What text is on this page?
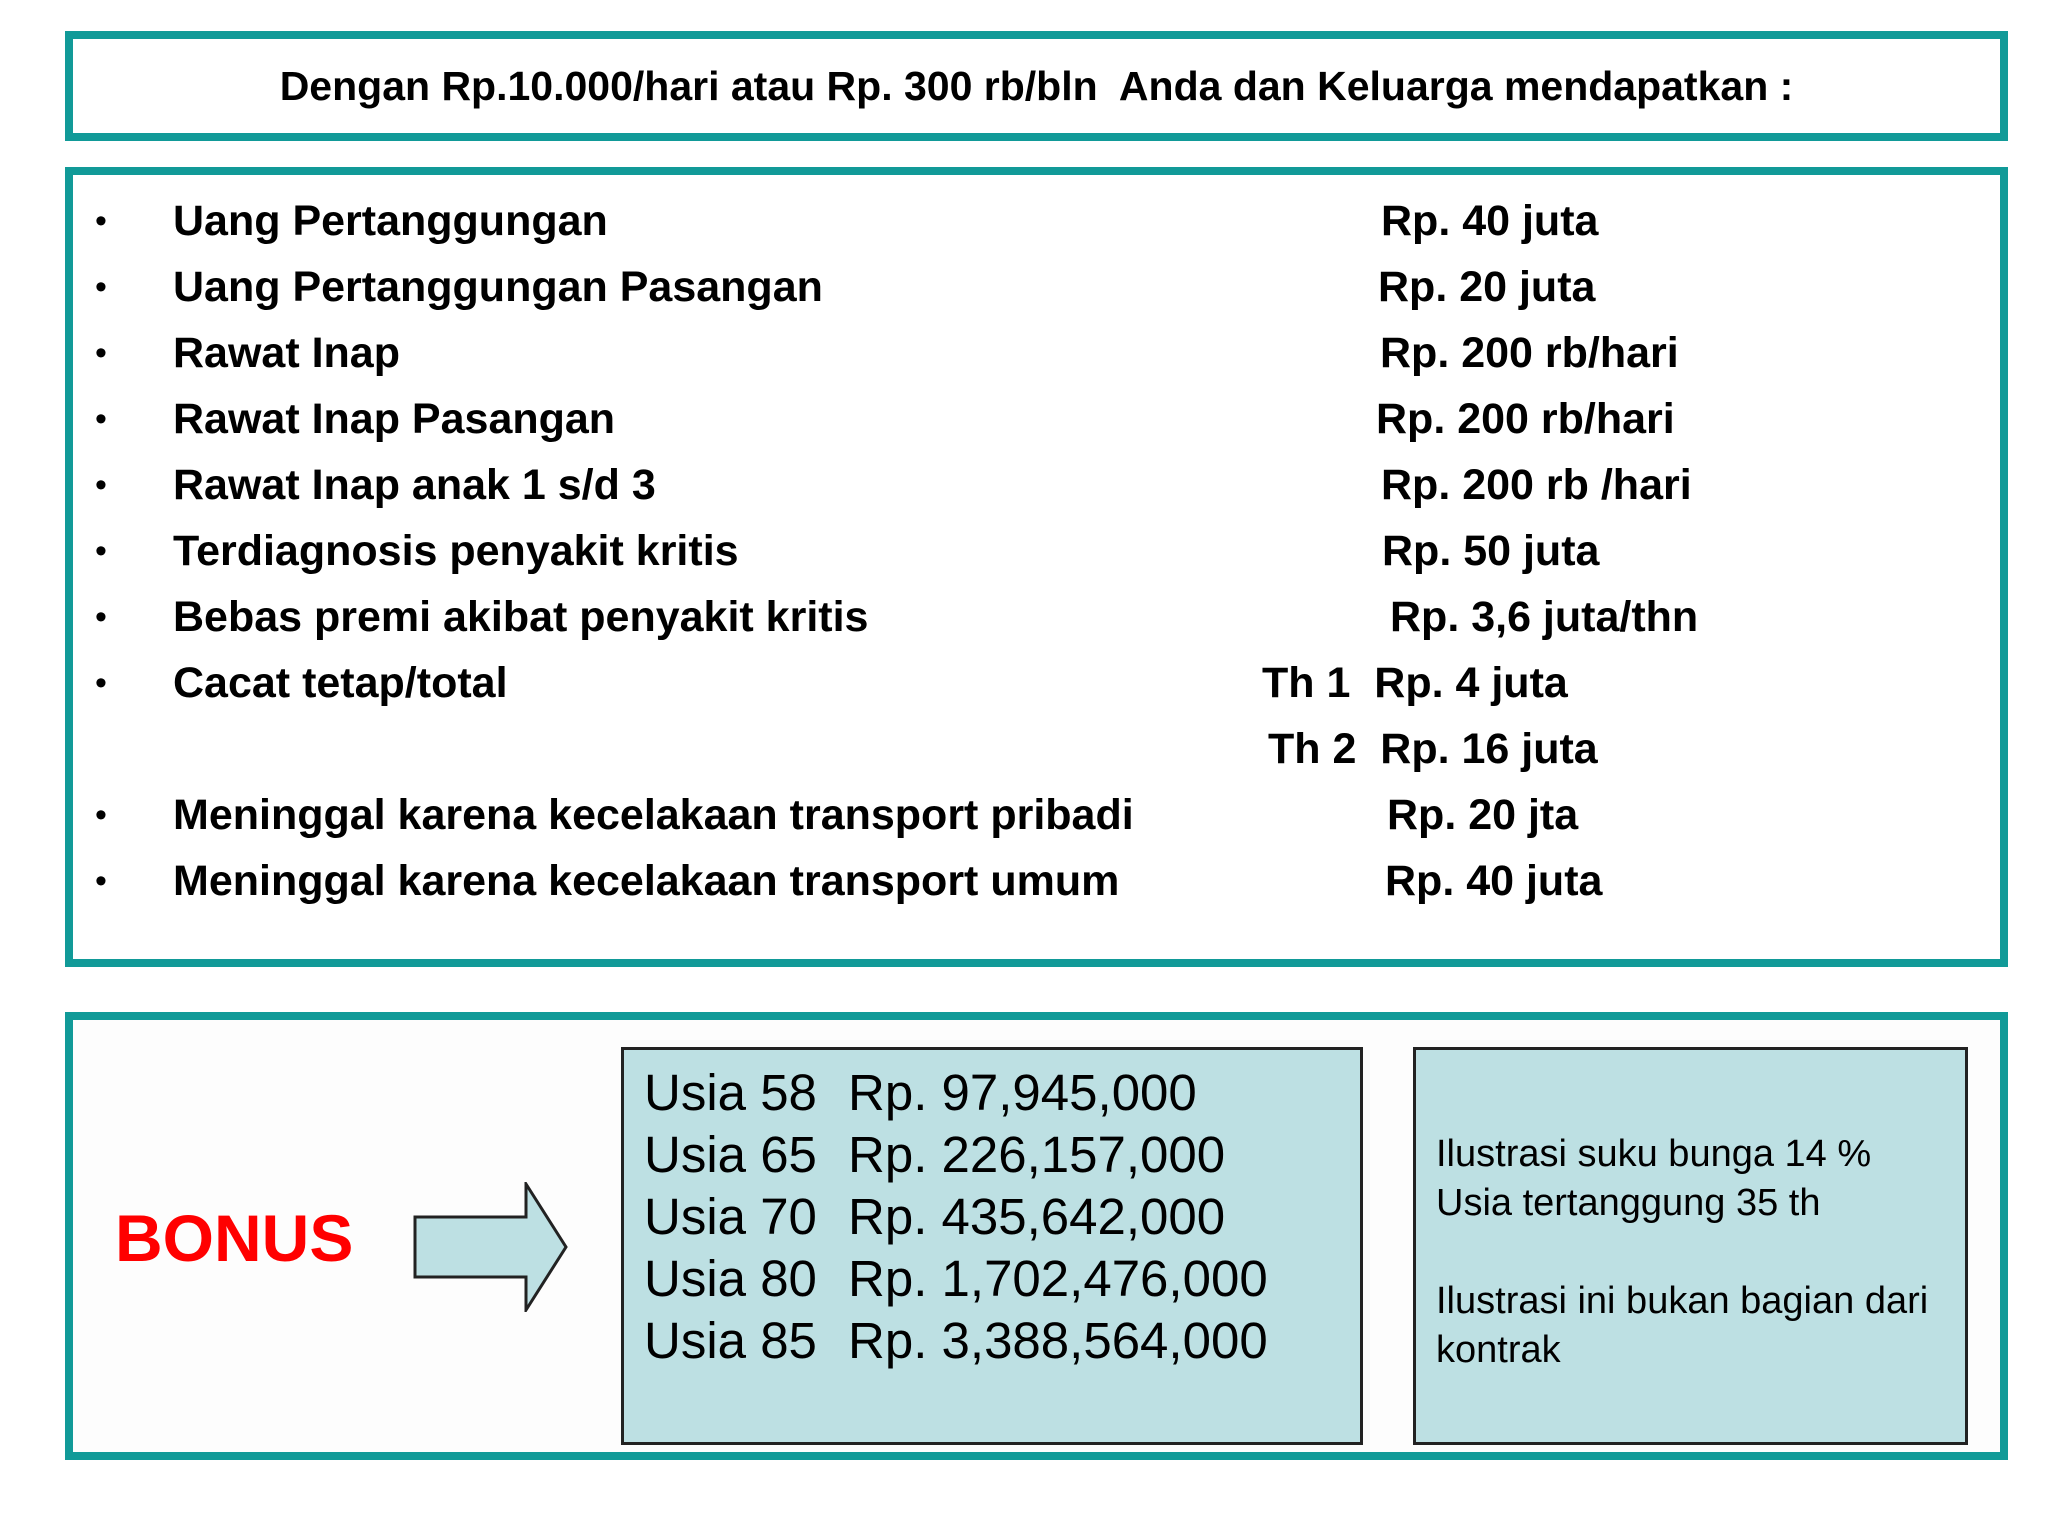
Dengan Rp.10.000/hari atau Rp. 300 rb/bln  Anda dan Keluarga mendapatkan :
• Uang Pertanggungan	Rp. 40 juta
• Uang Pertanggungan Pasangan	Rp. 20 juta
• Rawat Inap	Rp. 200 rb/hari
• Rawat Inap Pasangan	Rp. 200 rb/hari
• Rawat Inap anak 1 s/d 3	Rp. 200 rb /hari
• Terdiagnosis penyakit kritis	Rp. 50 juta
• Bebas premi akibat penyakit kritis	Rp. 3,6 juta/thn
• Cacat tetap/total	Th 1  Rp. 4 juta
Th 2  Rp. 16 juta
• Meninggal karena kecelakaan transport pribadi	Rp. 20 jta
• Meninggal karena kecelakaan transport umum	Rp. 40 juta
BONUS
Usia 58 Rp. 97,945,000
Usia 65 Rp. 226,157,000
Usia 70 Rp. 435,642,000
Usia 80 Rp. 1,702,476,000
Usia 85 Rp. 3,388,564,000
Ilustrasi suku bunga 14 %
Usia tertanggung 35 th
Ilustrasi ini bukan bagian dari
kontrak
